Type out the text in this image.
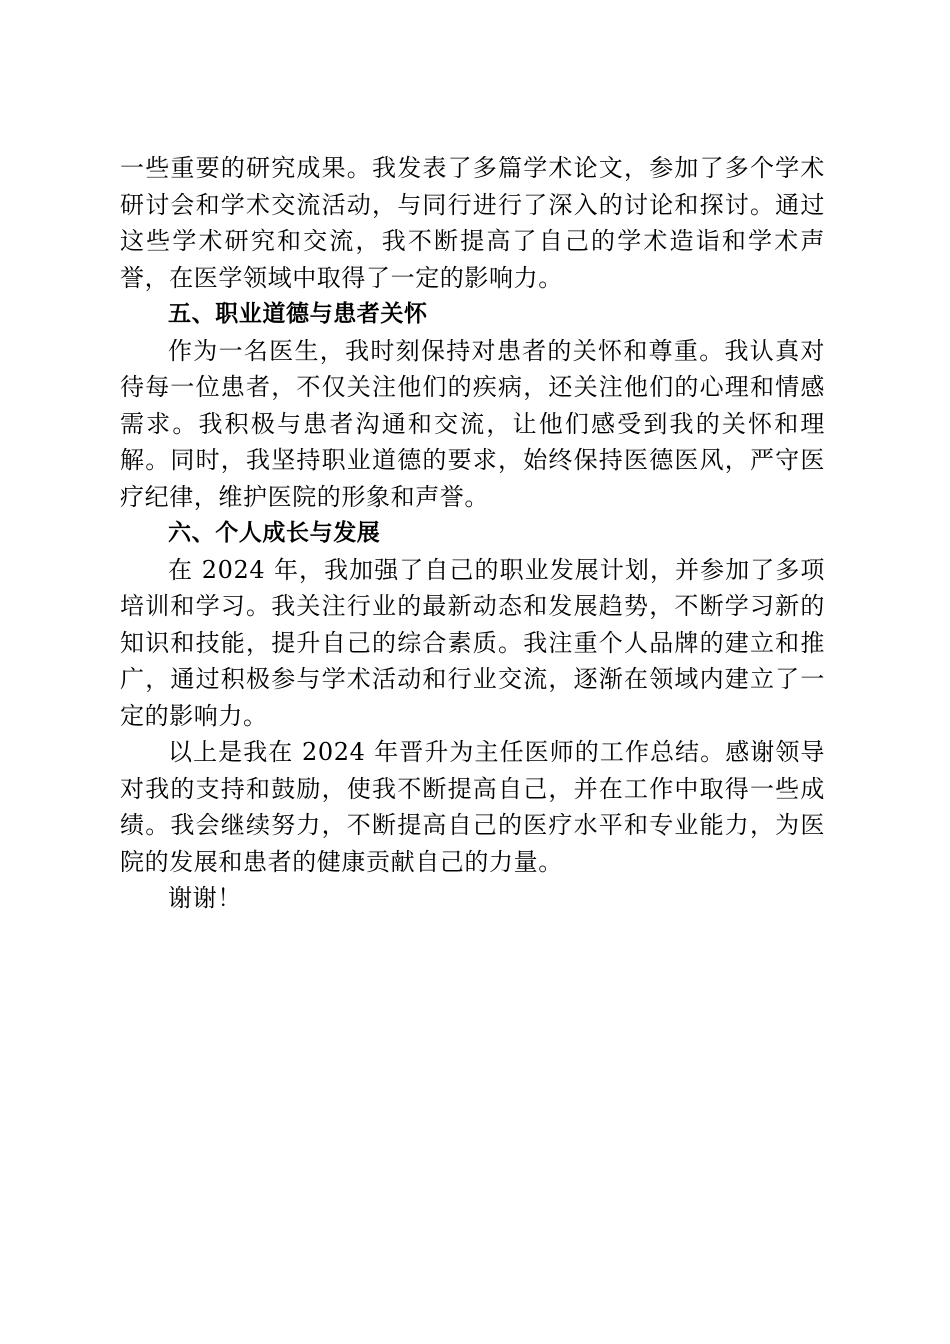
一些重要的研究成果。我发表了多篇学术论文，参加了多个学术研讨会和学术交流活动，与同行进行了深入的讨论和探讨。通过这些学术研究和交流，我不断提高了自己的学术造诣和学术声誉，在医学领域中取得了一定的影响力。

五、职业道德与患者关怀

作为一名医生，我时刻保持对患者的关怀和尊重。我认真对待每一位患者，不仅关注他们的疾病，还关注他们的心理和情感需求。我积极与患者沟通和交流，让他们感受到我的关怀和理解。同时，我坚持职业道德的要求，始终保持医德医风，严守医疗纪律，维护医院的形象和声誉。

六、个人成长与发展

在 2024 年，我加强了自己的职业发展计划，并参加了多项培训和学习。我关注行业的最新动态和发展趋势，不断学习新的知识和技能，提升自己的综合素质。我注重个人品牌的建立和推广，通过积极参与学术活动和行业交流，逐渐在领域内建立了一定的影响力。

以上是我在 2024 年晋升为主任医师的工作总结。感谢领导对我的支持和鼓励，使我不断提高自己，并在工作中取得一些成绩。我会继续努力，不断提高自己的医疗水平和专业能力，为医院的发展和患者的健康贡献自己的力量。

谢谢！
